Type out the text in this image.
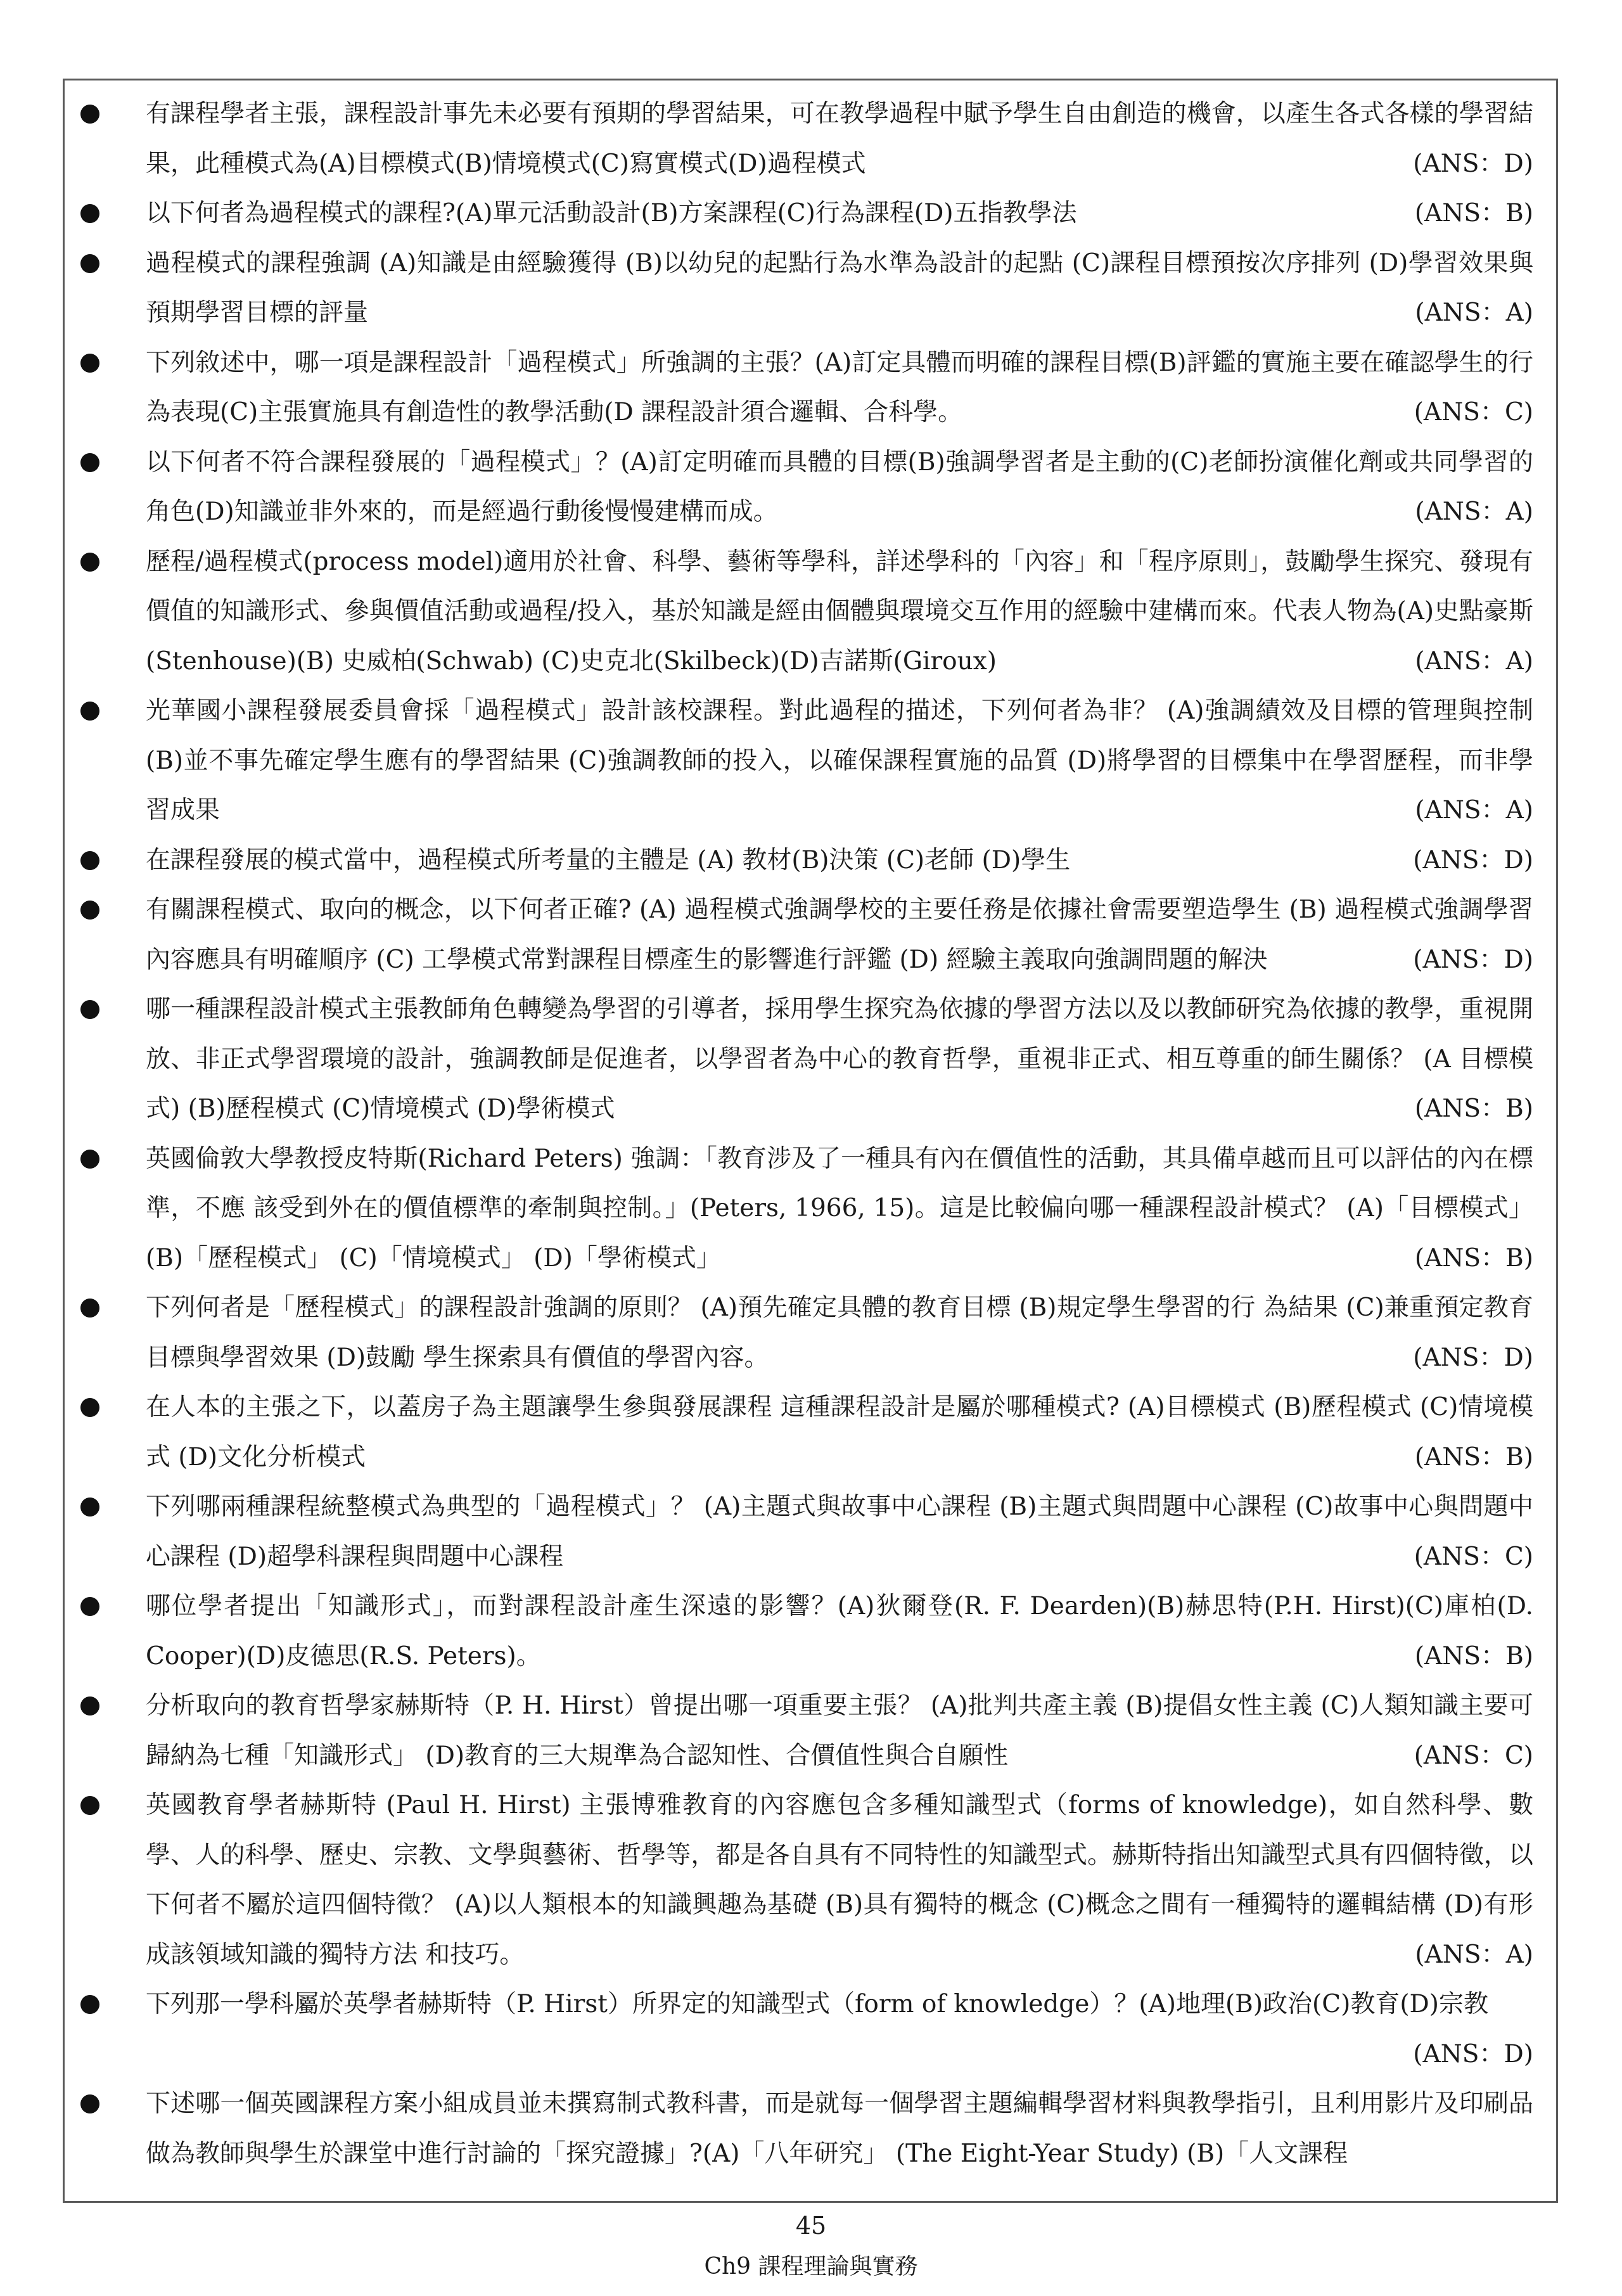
有課程學者主張，課程設計事先未必要有預期的學習結果，可在教學過程中賦予學生自由創造的機會，以產生各式各樣的學習結果，此種模式為(A)目標模式(B)情境模式(C)寫實模式(D)過程模式	(ANS：D)
以下何者為過程模式的課程?(A)單元活動設計(B)方案課程(C)行為課程(D)五指教學法	(ANS：B)
過程模式的課程強調 (A)知識是由經驗獲得 (B)以幼兒的起點行為水準為設計的起點 (C)課程目標預按次序排列 (D)學習效果與預期學習目標的評量	(ANS：A)
下列敘述中，哪一項是課程設計「過程模式」所強調的主張？(A)訂定具體而明確的課程目標(B)評鑑的實施主要在確認學生的行為表現(C)主張實施具有創造性的教學活動(D 課程設計須合邏輯、合科學。	(ANS：C)
以下何者不符合課程發展的「過程模式」？(A)訂定明確而具體的目標(B)強調學習者是主動的(C)老師扮演催化劑或共同學習的角色(D)知識並非外來的，而是經過行動後慢慢建構而成。	(ANS：A)
歷程/過程模式(process model)適用於社會、科學、藝術等學科，詳述學科的「內容」和「程序原則」，鼓勵學生探究、發現有價值的知識形式、參與價值活動或過程/投入，基於知識是經由個體與環境交互作用的經驗中建構而來。代表人物為(A)史點豪斯(Stenhouse)(B) 史威柏(Schwab) (C)史克北(Skilbeck)(D)吉諾斯(Giroux)	(ANS：A)
光華國小課程發展委員會採「過程模式」設計該校課程。對此過程的描述，下列何者為非？ (A)強調績效及目標的管理與控制 (B)並不事先確定學生應有的學習結果 (C)強調教師的投入，以確保課程實施的品質 (D)將學習的目標集中在學習歷程，而非學習成果	(ANS：A)
在課程發展的模式當中，過程模式所考量的主體是 (A) 教材(B)決策 (C)老師 (D)學生	(ANS：D)
有關課程模式、取向的概念，以下何者正確? (A) 過程模式強調學校的主要任務是依據社會需要塑造學生 (B) 過程模式強調學習內容應具有明確順序 (C) 工學模式常對課程目標產生的影響進行評鑑 (D) 經驗主義取向強調問題的解決	(ANS：D)
哪一種課程設計模式主張教師角色轉變為學習的引導者，採用學生探究為依據的學習方法以及以教師研究為依據的教學，重視開放、非正式學習環境的設計，強調教師是促進者，以學習者為中心的教育哲學，重視非正式、相互尊重的師生關係？ (A 目標模式) (B)歷程模式 (C)情境模式 (D)學術模式	(ANS：B)
英國倫敦大學教授皮特斯(Richard Peters) 強調：「教育涉及了一種具有內在價值性的活動，其具備卓越而且可以評估的內在標準，不應 該受到外在的價值標準的牽制與控制。」(Peters, 1966, 15)。這是比較偏向哪一種課程設計模式？ (A)「目標模式」 (B)「歷程模式」 (C)「情境模式」 (D)「學術模式」	(ANS：B)
下列何者是「歷程模式」的課程設計強調的原則？ (A)預先確定具體的教育目標 (B)規定學生學習的行 為結果 (C)兼重預定教育目標與學習效果 (D)鼓勵 學生探索具有價值的學習內容。	(ANS：D)
在人本的主張之下，以蓋房子為主題讓學生參與發展課程 這種課程設計是屬於哪種模式? (A)目標模式 (B)歷程模式 (C)情境模式 (D)文化分析模式	(ANS：B)
下列哪兩種課程統整模式為典型的「過程模式」？ (A)主題式與故事中心課程 (B)主題式與問題中心課程 (C)故事中心與問題中心課程 (D)超學科課程與問題中心課程	(ANS：C)
哪位學者提出「知識形式」，而對課程設計產生深遠的影響？(A)狄爾登(R. F. Dearden)(B)赫思特(P.H. Hirst)(C)庫柏(D. Cooper)(D)皮德思(R.S. Peters)。	(ANS：B)
分析取向的教育哲學家赫斯特（P. H. Hirst）曾提出哪一項重要主張？ (A)批判共產主義 (B)提倡女性主義 (C)人類知識主要可歸納為七種「知識形式」 (D)教育的三大規準為合認知性、合價值性與合自願性	(ANS：C)
英國教育學者赫斯特 (Paul H. Hirst) 主張博雅教育的內容應包含多種知識型式（forms of knowledge)，如自然科學、數學、人的科學、歷史、宗教、文學與藝術、哲學等，都是各自具有不同特性的知識型式。赫斯特指出知識型式具有四個特徵，以下何者不屬於這四個特徵？ (A)以人類根本的知識興趣為基礎 (B)具有獨特的概念 (C)概念之間有一種獨特的邏輯結構 (D)有形成該領域知識的獨特方法 和技巧。	(ANS：A)
下列那一學科屬於英學者赫斯特（P. Hirst）所界定的知識型式（form of knowledge）？(A)地理(B)政治(C)教育(D)宗教
(ANS：D)
下述哪一個英國課程方案小組成員並未撰寫制式教科書，而是就每一個學習主題編輯學習材料與教學指引，且利用影片及印刷品做為教師與學生於課堂中進行討論的「探究證據」?(A)「八年研究」 (The Eight-Year Study) (B)「人文課程
45
Ch9 課程理論與實務
